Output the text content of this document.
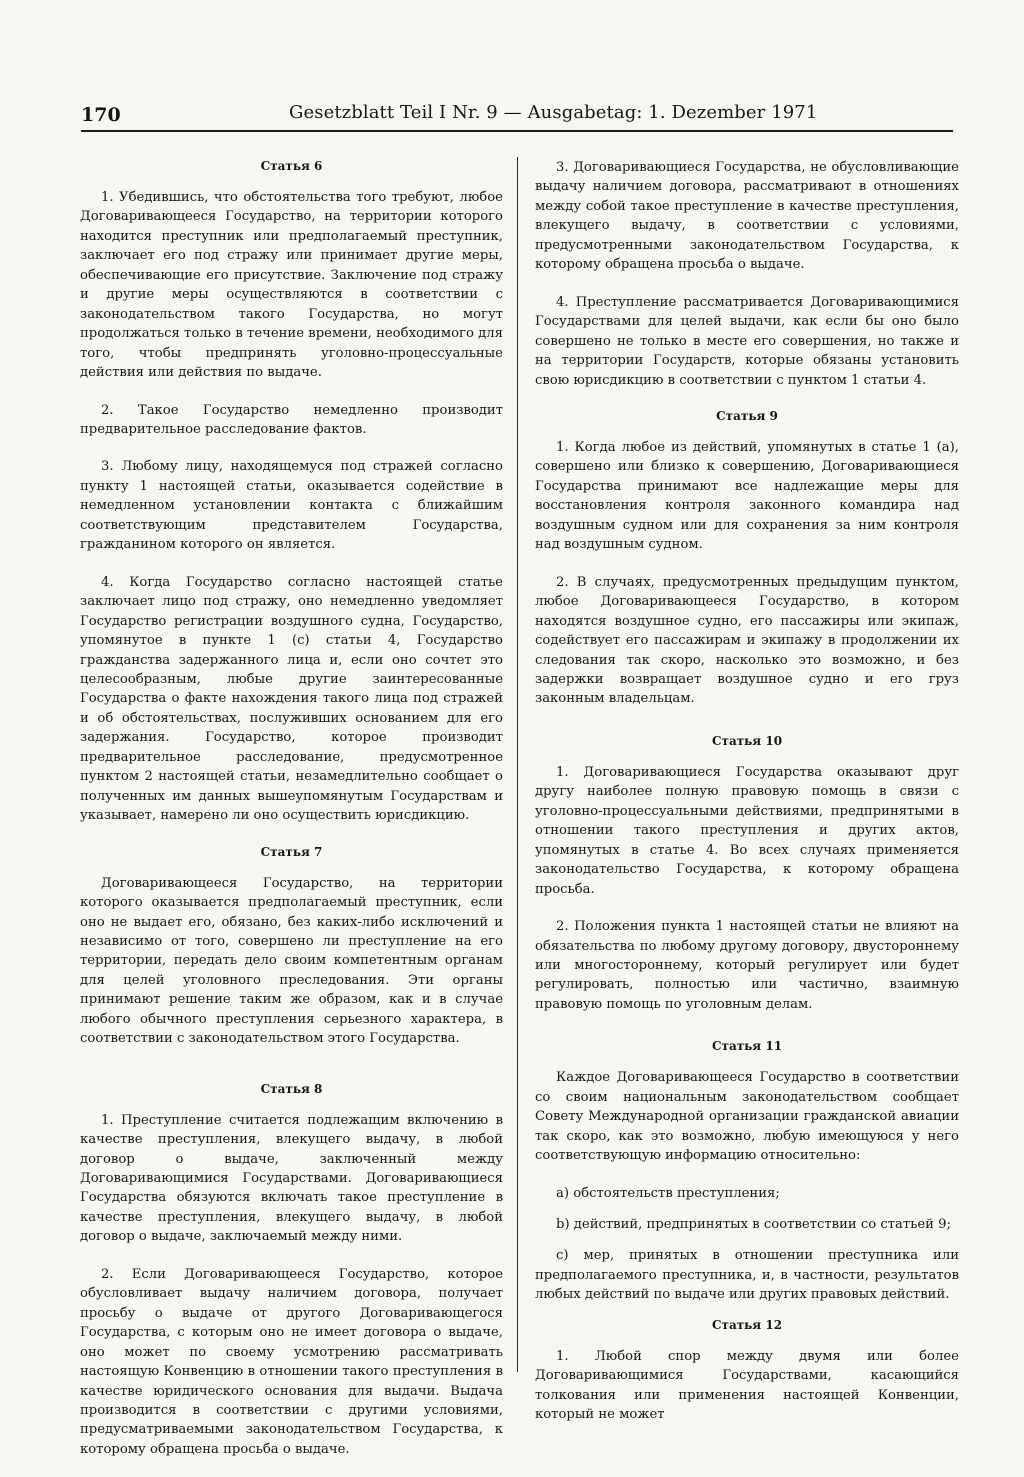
170	Gesetzblatt Teil I Nr. 9 — Ausgabetag: 1. Dezember 1971
Статья 6

1. Убедившись, что обстоятельства того требуют, любое Договаривающееся Государство, на территории которого находится преступник или предполагаемый преступник, заключает его под стражу или принимает другие меры, обеспечивающие его присутствие. Заключение под стражу и другие меры осуществляются в соответствии с законодательством такого Государства, но могут продолжаться только в течение времени, необходимого для того, чтобы предпринять уголовно-процессуальные действия или действия по выдаче.

2. Такое Государство немедленно производит предварительное расследование фактов.

3. Любому лицу, находящемуся под стражей согласно пункту 1 настоящей статьи, оказывается содействие в немедленном установлении контакта с ближайшим соответствующим представителем Государства, гражданином которого он является.

4. Когда Государство согласно настоящей статье заключает лицо под стражу, оно немедленно уведомляет Государство регистрации воздушного судна, Государство, упомянутое в пункте 1 (с) статьи 4, Государство гражданства задержанного лица и, если оно сочтет это целесообразным, любые другие заинтересованные Государства о факте нахождения такого лица под стражей и об обстоятельствах, послуживших основанием для его задержания. Государство, которое производит предварительное расследование, предусмотренное пунктом 2 настоящей статьи, незамедлительно сообщает о полученных им данных вышеупомянутым Государствам и указывает, намерено ли оно осуществить юрисдикцию.

Статья 7

Договаривающееся Государство, на территории которого оказывается предполагаемый преступник, если оно не выдает его, обязано, без каких-либо исключений и независимо от того, совершено ли преступление на его территории, передать дело своим компетентным органам для целей уголовного преследования. Эти органы принимают решение таким же образом, как и в случае любого обычного преступления серьезного характера, в соответствии с законодательством этого Государства.

Статья 8

1. Преступление считается подлежащим включению в качестве преступления, влекущего выдачу, в любой договор о выдаче, заключенный между Договаривающимися Государствами. Договаривающиеся Государства обязуются включать такое преступление в качестве преступления, влекущего выдачу, в любой договор о выдаче, заключаемый между ними.

2. Если Договаривающееся Государство, которое обусловливает выдачу наличием договора, получает просьбу о выдаче от другого Договаривающегося Государства, с которым оно не имеет договора о выдаче, оно может по своему усмотрению рассматривать настоящую Конвенцию в отношении такого преступления в качестве юридического основания для выдачи. Выдача производится в соответствии с другими условиями, предусматриваемыми законодательством Государства, к которому обращена просьба о выдаче.

3. Договаривающиеся Государства, не обусловливающие выдачу наличием договора, рассматривают в отношениях между собой такое преступление в качестве преступления, влекущего выдачу, в соответствии с условиями, предусмотренными законодательством Государства, к которому обращена просьба о выдаче.

4. Преступление рассматривается Договаривающимися Государствами для целей выдачи, как если бы оно было совершено не только в месте его совершения, но также и на территории Государств, которые обязаны установить свою юрисдикцию в соответствии с пунктом 1 статьи 4.

Статья 9

1. Когда любое из действий, упомянутых в статье 1 (а), совершено или близко к совершению, Договаривающиеся Государства принимают все надлежащие меры для восстановления контроля законного командира над воздушным судном или для сохранения за ним контроля над воздушным судном.

2. В случаях, предусмотренных предыдущим пунктом, любое Договаривающееся Государство, в котором находятся воздушное судно, его пассажиры или экипаж, содействует его пассажирам и экипажу в продолжении их следования так скоро, насколько это возможно, и без задержки возвращает воздушное судно и его груз законным владельцам.

Статья 10

1. Договаривающиеся Государства оказывают друг другу наиболее полную правовую помощь в связи с уголовно-процессуальными действиями, предпринятыми в отношении такого преступления и других актов, упомянутых в статье 4. Во всех случаях применяется законодательство Государства, к которому обращена просьба.

2. Положения пункта 1 настоящей статьи не влияют на обязательства по любому другому договору, двустороннему или многостороннему, который регулирует или будет регулировать, полностью или частично, взаимную правовую помощь по уголовным делам.

Статья 11

Каждое Договаривающееся Государство в соответствии со своим национальным законодательством сообщает Совету Международной организации гражданской авиации так скоро, как это возможно, любую имеющуюся у него соответствующую информацию относительно:

а) обстоятельств преступления;

b) действий, предпринятых в соответствии со статьей 9;

с) мер, принятых в отношении преступника или предполагаемого преступника, и, в частности, результатов любых действий по выдаче или других правовых действий.

Статья 12

1. Любой спор между двумя или более Договаривающимися Государствами, касающийся толкования или применения настоящей Конвенции, который не может
